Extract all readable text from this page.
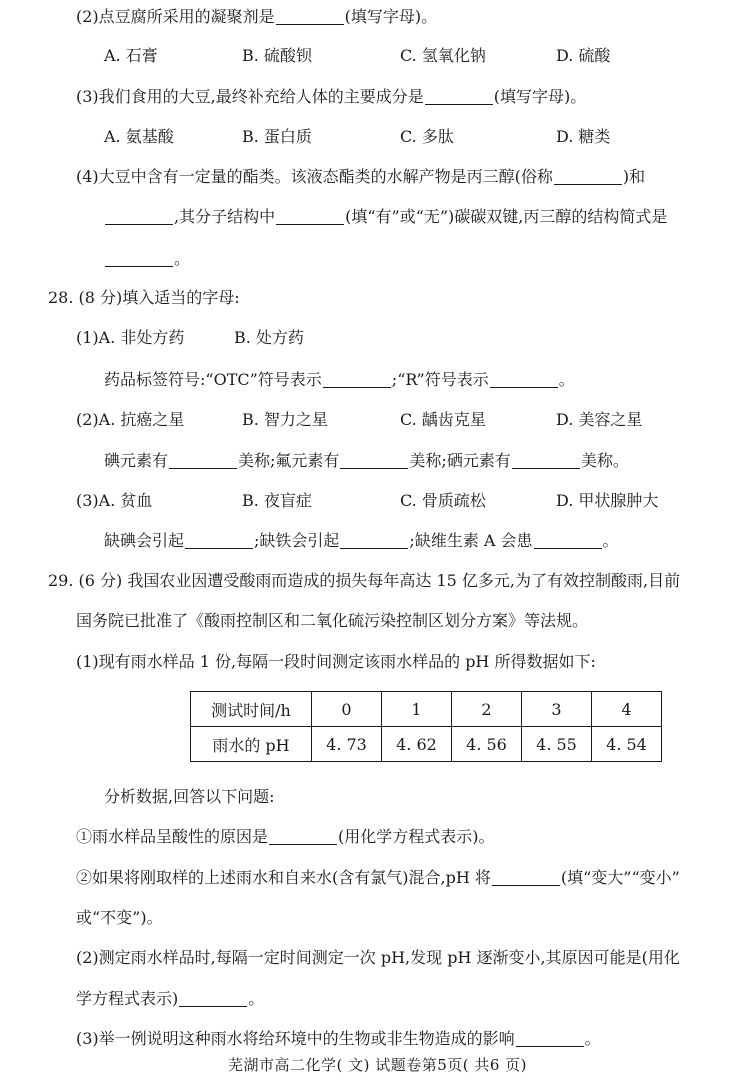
(2)点豆腐所采用的凝聚剂是	(填写字母)。
A. 石膏	B. 硫酸钡	C. 氢氧化钠	D. 硫酸
(3)我们食用的大豆,最终补充给人体的主要成分是	(填写字母)。
A. 氨基酸	B. 蛋白质	C. 多肽	D. 糖类
(4)大豆中含有一定量的酯类。该液态酯类的水解产物是丙三醇(俗称	)和
,其分子结构中	(填“有”或“无”)碳碳双键,丙三醇的结构简式是
。
28. (8 分)填入适当的字母:
(1)A. 非处方药	B. 处方药
药品标签符号:“OTC”符号表示	;“R”符号表示	。
(2)A. 抗癌之星	B. 智力之星	C. 龋齿克星	D. 美容之星
碘元素有	美称;氟元素有	美称;硒元素有	美称。
(3)A. 贫血	B. 夜盲症	C. 骨质疏松	D. 甲状腺肿大
缺碘会引起	;缺铁会引起	;缺维生素 A 会患	。
29. (6 分) 我国农业因遭受酸雨而造成的损失每年高达 15 亿多元,为了有效控制酸雨,目前
国务院已批准了《酸雨控制区和二氧化硫污染控制区划分方案》等法规。
(1)现有雨水样品 1 份,每隔一段时间测定该雨水样品的 pH 所得数据如下:
测试时间/h	0	1	2	3	4
雨水的 pH	4. 73	4. 62	4. 56	4. 55	4. 54
分析数据,回答以下问题:
①雨水样品呈酸性的原因是	(用化学方程式表示)。
②如果将刚取样的上述雨水和自来水(含有氯气)混合,pH 将	(填“变大”“变小”
或“不变”)。
(2)测定雨水样品时,每隔一定时间测定一次 pH,发现 pH 逐渐变小,其原因可能是(用化
学方程式表示)	。
(3)举一例说明这种雨水将给环境中的生物或非生物造成的影响	。
芜湖市高二化学( 文) 试题卷第5页( 共6 页)
